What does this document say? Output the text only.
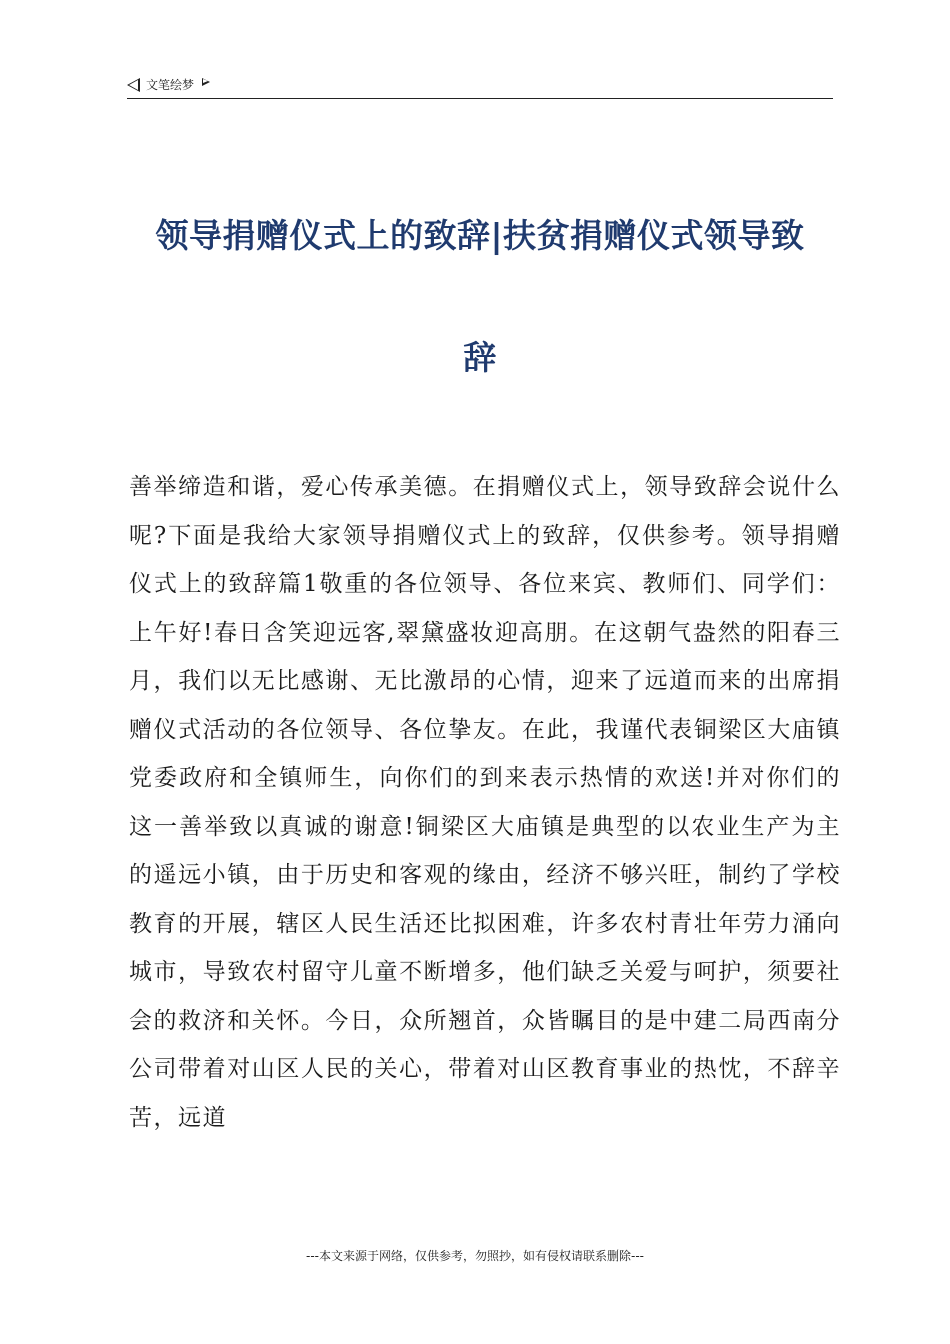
文笔绘梦
领导捐赠仪式上的致辞|扶贫捐赠仪式领导致
辞
善举缔造和谐，爱心传承美德。在捐赠仪式上，领导致辞会说什么呢?下面是我给大家领导捐赠仪式上的致辞，仅供参考。领导捐赠仪式上的致辞篇1敬重的各位领导、各位来宾、教师们、同学们：上午好!春日含笑迎远客,翠黛盛妆迎高朋。在这朝气盎然的阳春三月，我们以无比感谢、无比激昂的心情，迎来了远道而来的出席捐赠仪式活动的各位领导、各位挚友。在此，我谨代表铜梁区大庙镇党委政府和全镇师生，向你们的到来表示热情的欢送!并对你们的这一善举致以真诚的谢意!铜梁区大庙镇是典型的以农业生产为主的遥远小镇，由于历史和客观的缘由，经济不够兴旺，制约了学校教育的开展，辖区人民生活还比拟困难，许多农村青壮年劳力涌向城市，导致农村留守儿童不断增多，他们缺乏关爱与呵护，须要社会的救济和关怀。今日，众所翘首，众皆瞩目的是中建二局西南分公司带着对山区人民的关心，带着对山区教育事业的热忱，不辞辛苦，远道
---本文来源于网络，仅供参考，勿照抄，如有侵权请联系删除---
